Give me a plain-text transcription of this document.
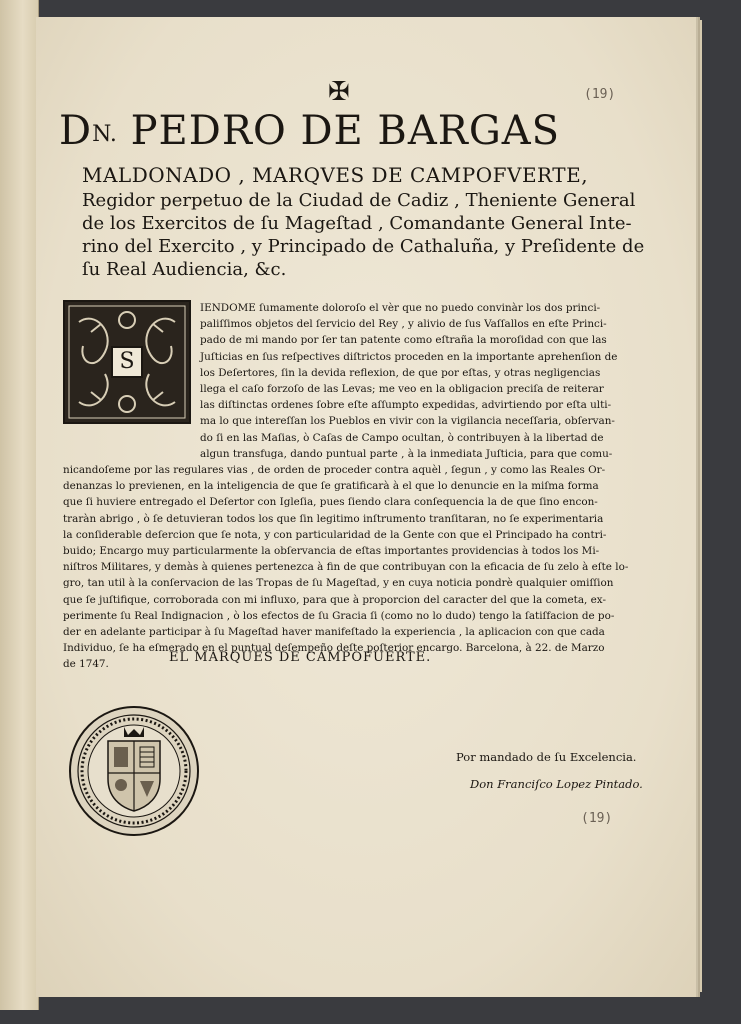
✠	(19)
$D^{N.}$ PEDRO DE BARGAS
MALDONADO , MARQVES DE CAMPOFVERTE,
Regidor perpetuo de la Ciudad de Cadiz , Theniente General
de los Exercitos de ſu Mageſtad , Comandante General Inte-
rino del Exercito , y Principado de Cathaluña, y Preſidente de
ſu Real Audiencia, &c.
IENDOME ſumamente doloroſo el vèr que no puedo convinàr los dos princi-
paliſſimos objetos del ſervicio del Rey , y alivio de ſus Vaſſallos en eſte Princi-
pado de mi mando por ſer tan patente como eſtraña la moroſidad con que las
Juſticias en ſus reſpectives diſtrictos proceden en la importante aprehenſion de
los Deſertores, ſin la devida reflexion, de que por eſtas, y otras negligencias
llega el caſo forzoſo de las Levas; me veo en la obligacion preciſa de reiterar
las diſtinctas ordenes ſobre eſte aſſumpto expedidas, advirtiendo por eſta ulti-
ma lo que intereſſan los Pueblos en vivir con la vigilancia neceſſaria, obſervan-
do ſi en las Maſias, ò Caſas de Campo ocultan, ò contribuyen à la libertad de
algun transfuga, dando puntual parte , à la inmediata Juſticia, para que comu-
nicandoſeme por las regulares vias , de orden de proceder contra aquèl , ſegun , y como las Reales Or-
denanzas lo previenen, en la inteligencia de que ſe gratificarà à el que lo denuncie en la miſma forma
que ſi huviere entregado el Deſertor con Igleſia, pues ſiendo clara conſequencia la de que ſino encon-
traràn abrigo , ò ſe detuvieran todos los que ſin legitimo inſtrumento tranſitaran, no ſe experimentaria
la conſiderable deſercion que ſe nota, y con particularidad de la Gente con que el Principado ha contri-
buido; Encargo muy particularmente la obſervancia de eſtas importantes providencias à todos los Mi-
niſtros Militares, y demàs à quienes pertenezca à fin de que contribuyan con la eficacia de ſu zelo à eſte lo-
gro, tan util à la conſervacion de las Tropas de ſu Mageſtad, y en cuya noticia pondrè qualquier omiſſion
que ſe juſtifique, corroborada con mi influxo, para que à proporcion del caracter del que la cometa, ex-
perimente ſu Real Indignacion , ò los efectos de ſu Gracia ſi (como no lo dudo) tengo la ſatiſfacion de po-
der en adelante participar à ſu Mageſtad haver manifeſtado la experiencia , la aplicacion con que cada
Individuo, ſe ha eſmerado en el puntual deſempeño deſte poſterior encargo. Barcelona, à 22. de Marzo
de 1747.
S
EL MARQUES DE CAMPOFUERTE.
Por mandado de ſu Excelencia.
Don Franciſco Lopez Pintado.
(19)
